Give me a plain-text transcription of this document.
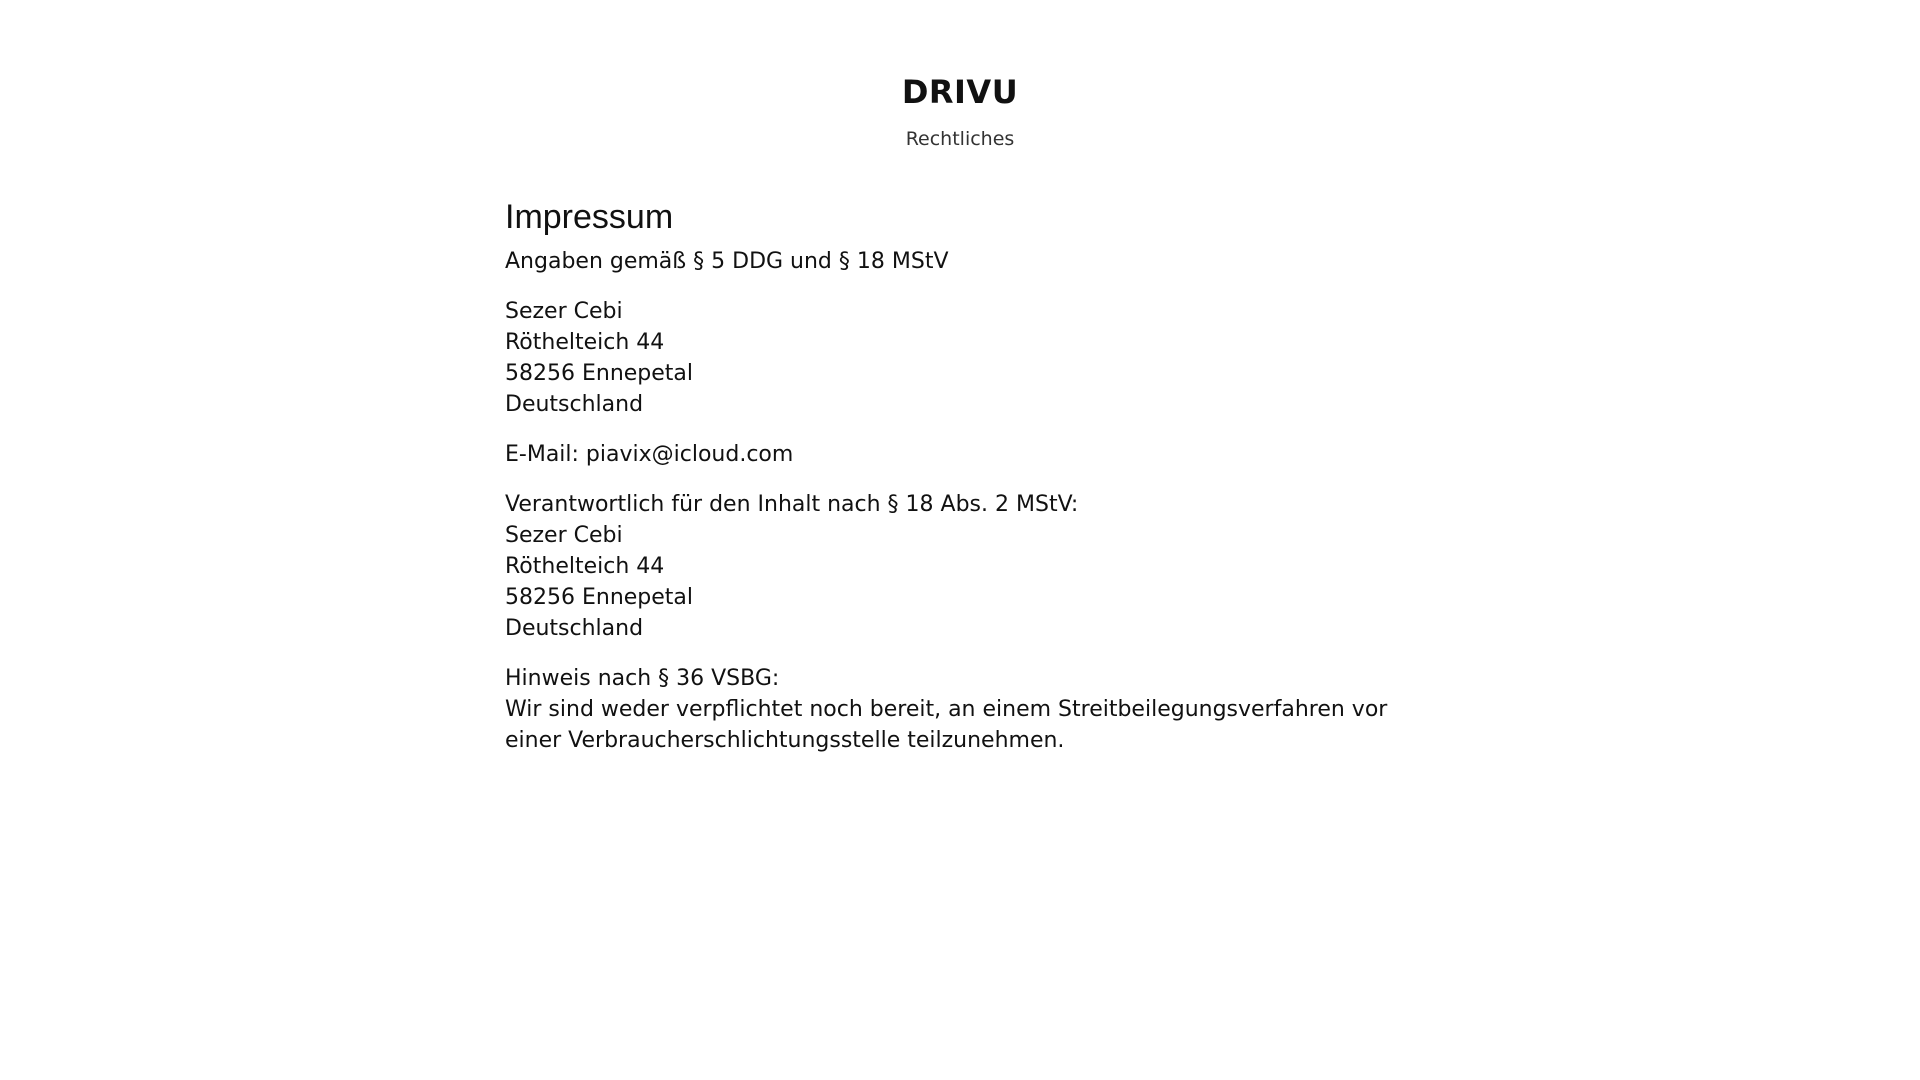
DRIVU
Rechtliches
Impressum

Angaben gemäß § 5 DDG und § 18 MStV

Sezer Cebi
Röthelteich 44
58256 Ennepetal
Deutschland

E-Mail: piavix@icloud.com

Verantwortlich für den Inhalt nach § 18 Abs. 2 MStV:
Sezer Cebi
Röthelteich 44
58256 Ennepetal
Deutschland

Hinweis nach § 36 VSBG:
Wir sind weder verpflichtet noch bereit, an einem Streitbeilegungsverfahren vor einer Verbraucherschlichtungsstelle teilzunehmen.
